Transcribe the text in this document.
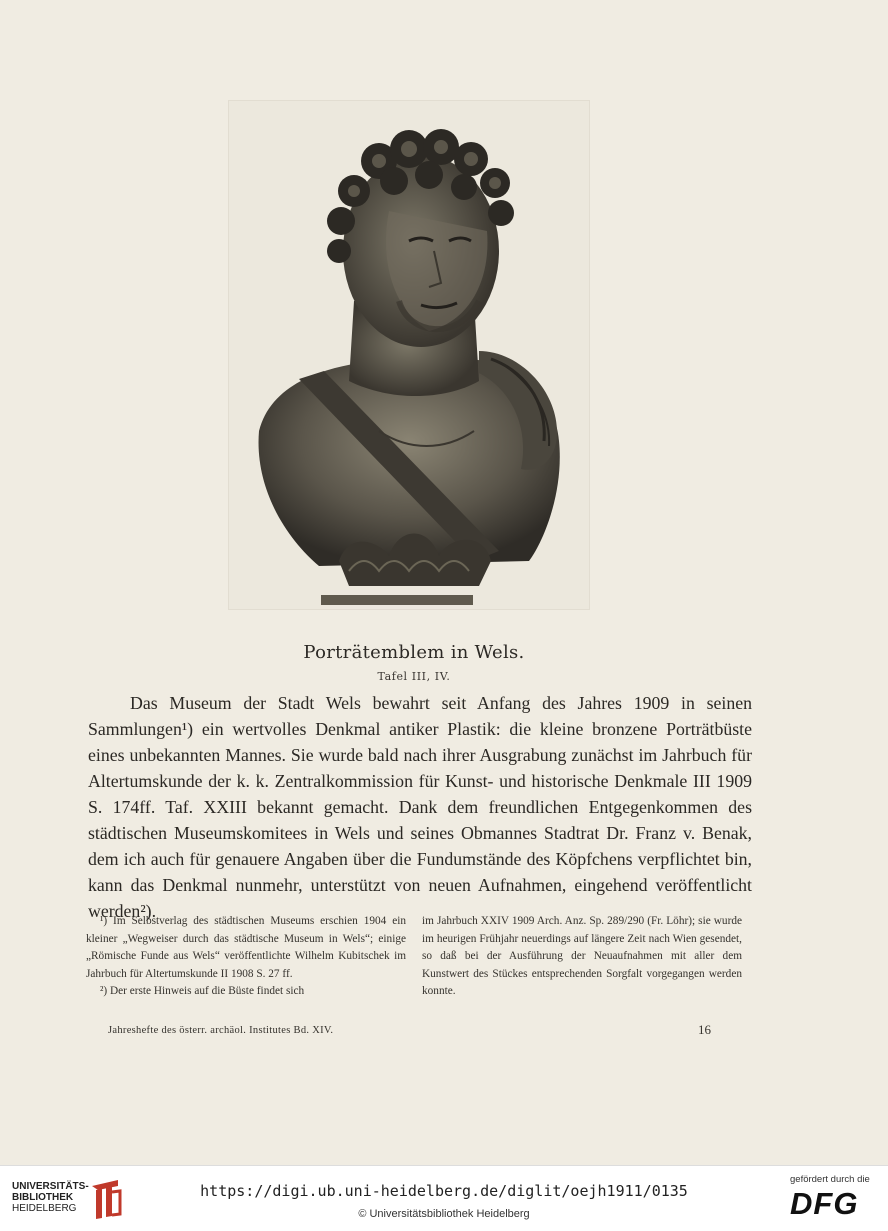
Porträtemblem in Wels.
Tafel III, IV.

Das Museum der Stadt Wels bewahrt seit Anfang des Jahres 1909 in seinen Sammlungen¹) ein wertvolles Denkmal antiker Plastik: die kleine bronzene Porträtbüste eines unbekannten Mannes. Sie wurde bald nach ihrer Ausgrabung zunächst im Jahrbuch für Altertumskunde der k. k. Zentralkommission für Kunst- und historische Denkmale III 1909 S. 174ff. Taf. XXIII bekannt gemacht. Dank dem freundlichen Entgegenkommen des städtischen Museumskomitees in Wels und seines Obmannes Stadtrat Dr. Franz v. Benak, dem ich auch für genauere Angaben über die Fundumstände des Köpfchens verpflichtet bin, kann das Denkmal nunmehr, unterstützt von neuen Aufnahmen, eingehend veröffentlicht werden²).

¹) Im Selbstverlag des städtischen Museums erschien 1904 ein kleiner „Wegweiser durch das städtische Museum in Wels“; einige „Römische Funde aus Wels“ veröffentlichte Wilhelm Kubitschek im Jahrbuch für Altertumskunde II 1908 S. 27 ff.

²) Der erste Hinweis auf die Büste findet sich

im Jahrbuch XXIV 1909 Arch. Anz. Sp. 289/290 (Fr. Löhr); sie wurde im heurigen Frühjahr neuerdings auf längere Zeit nach Wien gesendet, so daß bei der Ausführung der Neuaufnahmen mit aller dem Kunstwert des Stückes entsprechenden Sorgfalt vorgegangen werden konnte.

Jahreshefte des österr. archäol. Institutes Bd. XIV.	16
UNIVERSITÄTS-
BIBLIOTHEK
HEIDELBERG
https://digi.ub.uni-heidelberg.de/diglit/oejh1911/0135
© Universitätsbibliothek Heidelberg
gefördert durch die
DFG
